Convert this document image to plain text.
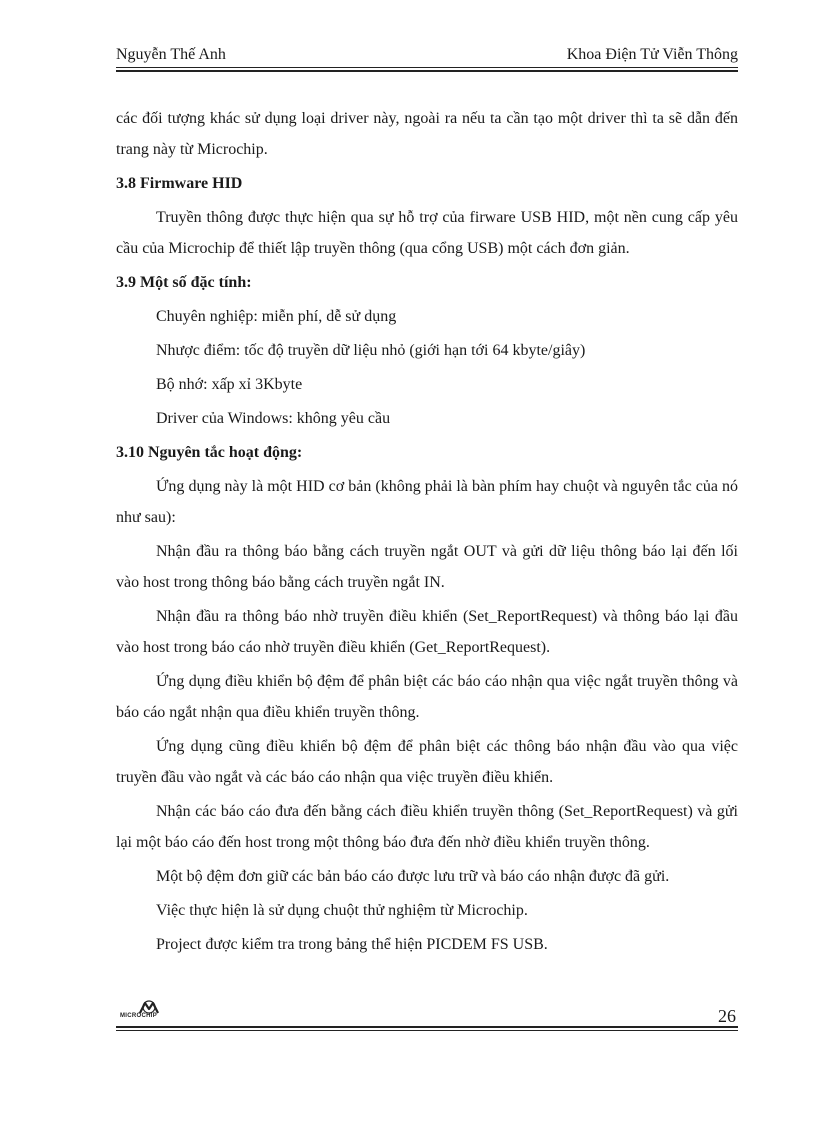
Nguyễn Thế Anh	Khoa Điện Tử Viễn Thông

các đối tượng khác sử dụng loại driver này, ngoài ra nếu ta cần tạo một driver thì ta sẽ dẫn đến trang này từ Microchip.

3.8 Firmware HID

Truyền thông được thực hiện qua sự hỗ trợ của firware USB HID, một nền cung cấp yêu cầu của Microchip để thiết lập truyền thông (qua cổng USB) một cách đơn giản.

3.9 Một số đặc tính:

Chuyên nghiệp: miễn phí, dễ sử dụng

Nhược điểm: tốc độ truyền dữ liệu nhỏ (giới hạn tới 64 kbyte/giây)

Bộ nhớ: xấp xỉ 3Kbyte

Driver của Windows: không yêu cầu

3.10 Nguyên tắc hoạt động:

Ứng dụng này là một HID cơ bản (không phải là bàn phím hay chuột và nguyên tắc của nó như sau):

Nhận đầu ra thông báo bằng cách truyền ngắt OUT và gửi dữ liệu thông báo lại đến lối vào host trong thông báo bằng cách truyền ngắt IN.

Nhận đầu ra thông báo nhờ truyền điều khiển (Set_ReportRequest) và thông báo lại đầu vào host trong báo cáo nhờ truyền điều khiển (Get_ReportRequest).

Ứng dụng điều khiển bộ đệm để phân biệt các báo cáo nhận qua việc ngắt truyền thông và báo cáo ngắt nhận qua điều khiển truyền thông.

Ứng dụng cũng điều khiển bộ đệm để phân biệt các thông báo nhận đầu vào qua việc truyền đầu vào ngắt và các báo cáo nhận qua việc truyền điều khiển.

Nhận các báo cáo đưa đến bằng cách điều khiển truyền thông (Set_ReportRequest) và gửi lại một báo cáo đến host trong một thông báo đưa đến nhờ điều khiển truyền thông.

Một bộ đệm đơn giữ các bản báo cáo được lưu trữ và báo cáo nhận được đã gửi.

Việc thực hiện là sử dụng chuột thử nghiệm từ Microchip.

Project được kiểm tra trong bảng thể hiện PICDEM FS USB.

MICROCHIP	26
